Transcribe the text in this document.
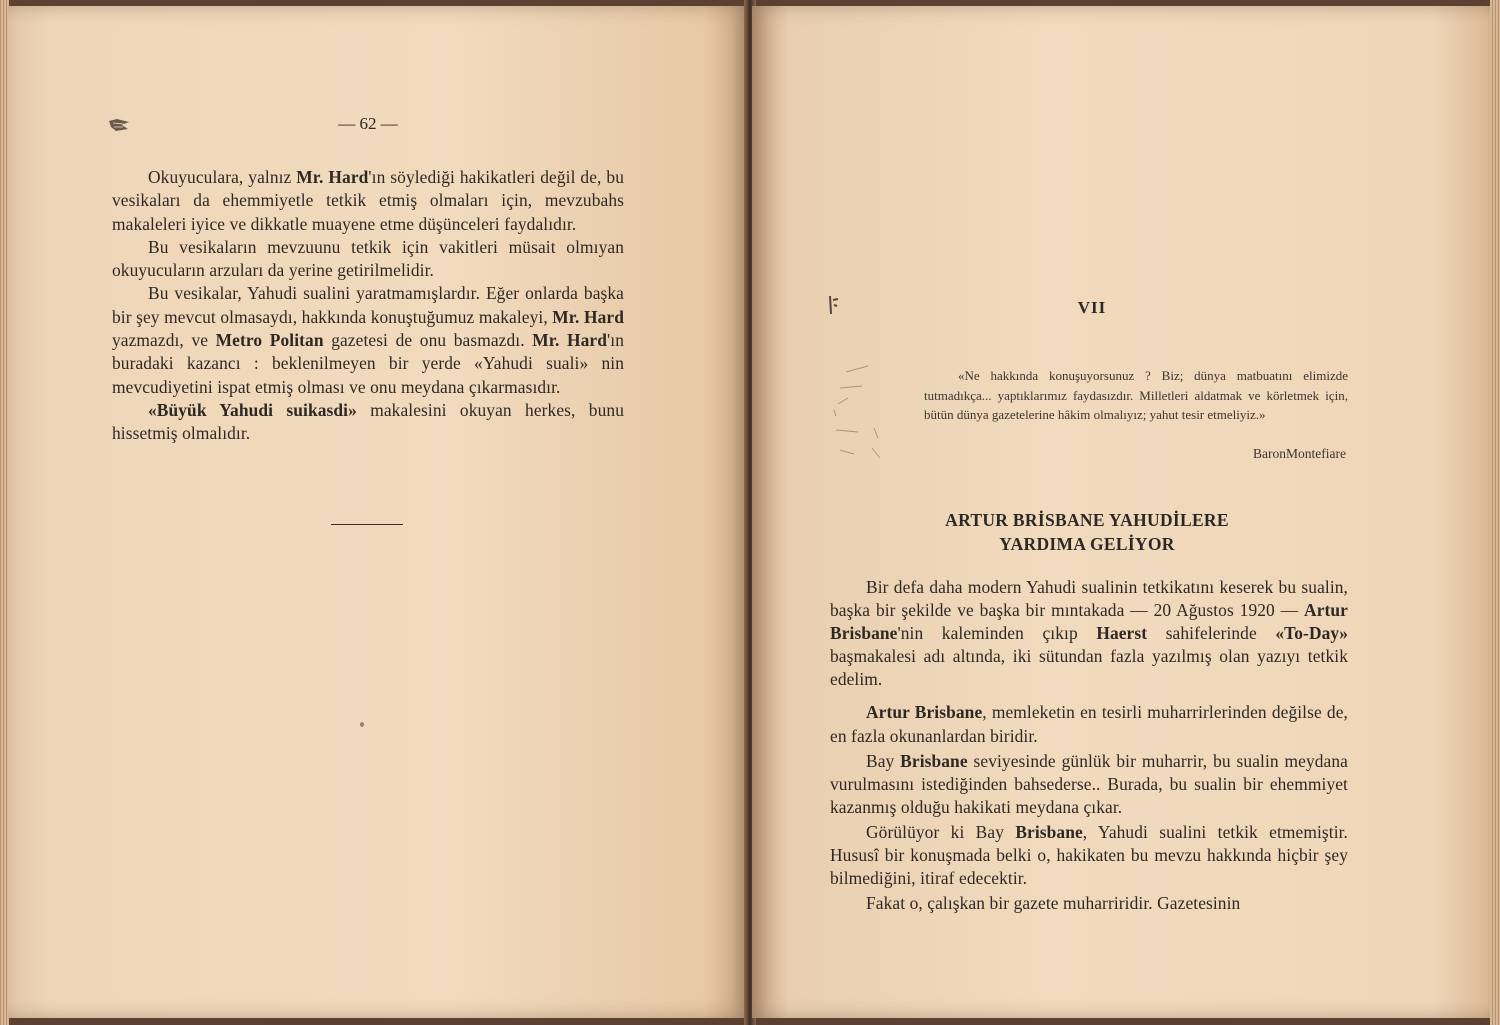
— 62 —

Okuyuculara, yalnız Mr. Hard'ın söylediği hakikatleri değil de, bu vesikaları da ehemmiyetle tetkik etmiş olmaları için, mevzubahs makaleleri iyice ve dikkatle muayene etme düşünceleri faydalıdır.

Bu vesikaların mevzuunu tetkik için vakitleri müsait olmıyan okuyucuların arzuları da yerine getirilmelidir.

Bu vesikalar, Yahudi sualini yaratmamışlardır. Eğer onlarda başka bir şey mevcut olmasaydı, hakkında konuştuğumuz makaleyi, Mr. Hard yazmazdı, ve Metro Politan gazetesi de onu basmazdı. Mr. Hard'ın buradaki kazancı : beklenilmeyen bir yerde «Yahudi suali» nin mevcudiyetini ispat etmiş olması ve onu meydana çıkarmasıdır.

«Büyük Yahudi suikasdi» makalesini okuyan herkes, bunu hissetmiş olmalıdır.

VII

«Ne hakkında konuşuyorsunuz ? Biz; dünya matbuatını elimizde tutmadıkça... yaptıklarımız faydasızdır. Milletleri aldatmak ve körletmek için, bütün dünya gazetelerine hâkim olmalıyız; yahut tesir etmeliyiz.»

BaronMontefiare
ARTUR BRİSBANE YAHUDİLERE
YARDIMA GELİYOR

Bir defa daha modern Yahudi sualinin tetkikatını keserek bu sualin, başka bir şekilde ve başka bir mıntakada — 20 Ağustos 1920 — Artur Brisbane'nin kaleminden çıkıp Haerst sahifelerinde «To-Day» başmakalesi adı altında, iki sütundan fazla yazılmış olan yazıyı tetkik edelim.

Artur Brisbane, memleketin en tesirli muharrirlerinden değilse de, en fazla okunanlardan biridir.

Bay Brisbane seviyesinde günlük bir muharrir, bu sualin meydana vurulmasını istediğinden bahsederse.. Burada, bu sualin bir ehemmiyet kazanmış olduğu hakikati meydana çıkar.

Görülüyor ki Bay Brisbane, Yahudi sualini tetkik etmemiştir. Hususî bir konuşmada belki o, hakikaten bu mevzu hakkında hiçbir şey bilmediğini, itiraf edecektir.

Fakat o, çalışkan bir gazete muharriridir. Gazetesinin
